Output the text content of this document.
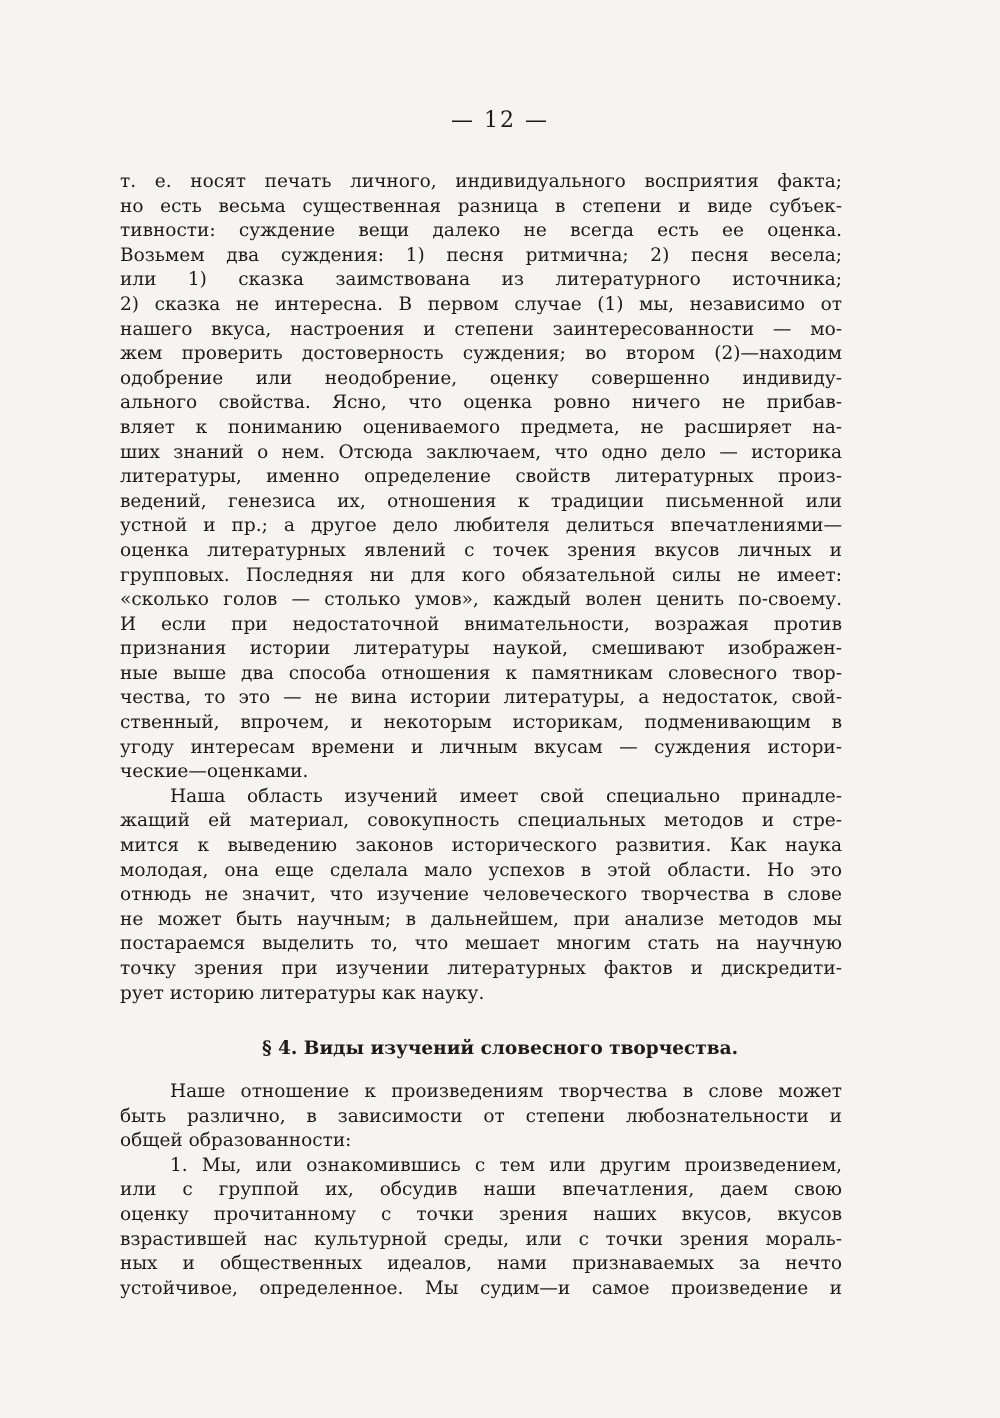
— 12 —
т. е. носят печать личного, индивидуального восприятия факта;
но есть весьма существенная разница в степени и виде субъек-
тивности: суждение вещи далеко не всегда есть ее оценка.
Возьмем два суждения: 1) песня ритмична; 2) песня весела;
или 1) сказка заимствована из литературного источника;
2) сказка не интересна. В первом случае (1) мы, независимо от
нашего вкуса, настроения и степени заинтересованности — мо-
жем проверить достоверность суждения; во втором (2)—находим
одобрение или неодобрение, оценку совершенно индивиду-
ального свойства. Ясно, что оценка ровно ничего не прибав-
вляет к пониманию оцениваемого предмета, не расширяет на-
ших знаний о нем. Отсюда заключаем, что одно дело — историка
литературы, именно определение свойств литературных произ-
ведений, генезиса их, отношения к традиции письменной или
устной и пр.; а другое дело любителя делиться впечатлениями—
оценка литературных явлений с точек зрения вкусов личных и
групповых. Последняя ни для кого обязательной силы не имеет:
«сколько голов — столько умов», каждый волен ценить по-своему.
И если при недостаточной внимательности, возражая против
признания истории литературы наукой, смешивают изображен-
ные выше два способа отношения к памятникам словесного твор-
чества, то это — не вина истории литературы, а недостаток, свой-
ственный, впрочем, и некоторым историкам, подменивающим в
угоду интересам времени и личным вкусам — суждения истори-
ческие—оценками.
Наша область изучений имеет свой специально принадле-
жащий ей материал, совокупность специальных методов и стре-
мится к выведению законов исторического развития. Как наука
молодая, она еще сделала мало успехов в этой области. Но это
отнюдь не значит, что изучение человеческого творчества в слове
не может быть научным; в дальнейшем, при анализе методов мы
постараемся выделить то, что мешает многим стать на научную
точку зрения при изучении литературных фактов и дискредити-
рует историю литературы как науку.
§ 4. Виды изучений словесного творчества.
Наше отношение к произведениям творчества в слове может
быть различно, в зависимости от степени любознательности и
общей образованности:
1. Мы, или ознакомившись с тем или другим произведением,
или с группой их, обсудив наши впечатления, даем свою
оценку прочитанному с точки зрения наших вкусов, вкусов
взрастившей нас культурной среды, или с точки зрения мораль-
ных и общественных идеалов, нами признаваемых за нечто
устойчивое, определенное. Мы судим—и самое произведение и
